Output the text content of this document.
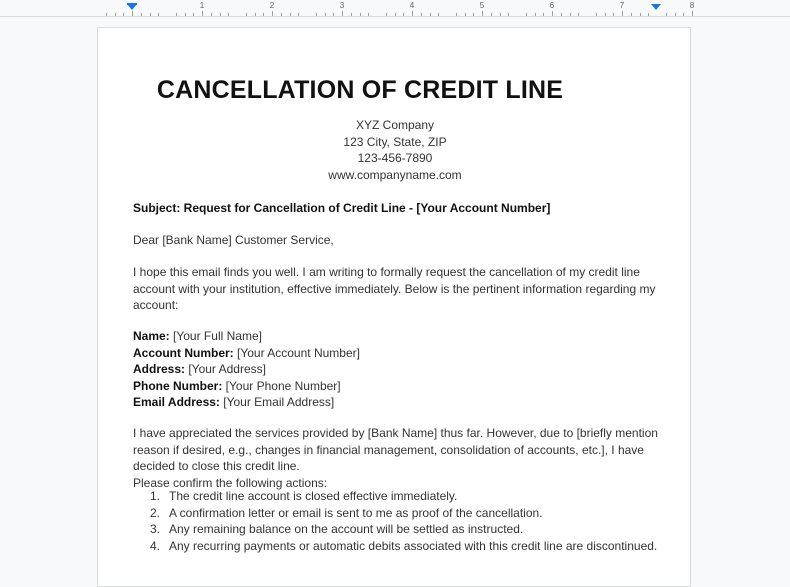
1	2	3	4	5	6	7	8
CANCELLATION OF CREDIT LINE
XYZ Company
123 City, State, ZIP
123-456-7890
www.companyname.com
Subject: Request for Cancellation of Credit Line - [Your Account Number]
Dear [Bank Name] Customer Service,
I hope this email finds you well. I am writing to formally request the cancellation of my credit line
account with your institution, effective immediately. Below is the pertinent information regarding my
account:
Name: [Your Full Name]
Account Number: [Your Account Number]
Address: [Your Address]
Phone Number: [Your Phone Number]
Email Address: [Your Email Address]
I have appreciated the services provided by [Bank Name] thus far. However, due to [briefly mention
reason if desired, e.g., changes in financial management, consolidation of accounts, etc.], I have
decided to close this credit line.
Please confirm the following actions:
1. The credit line account is closed effective immediately.
2. A confirmation letter or email is sent to me as proof of the cancellation.
3. Any remaining balance on the account will be settled as instructed.
4. Any recurring payments or automatic debits associated with this credit line are discontinued.
